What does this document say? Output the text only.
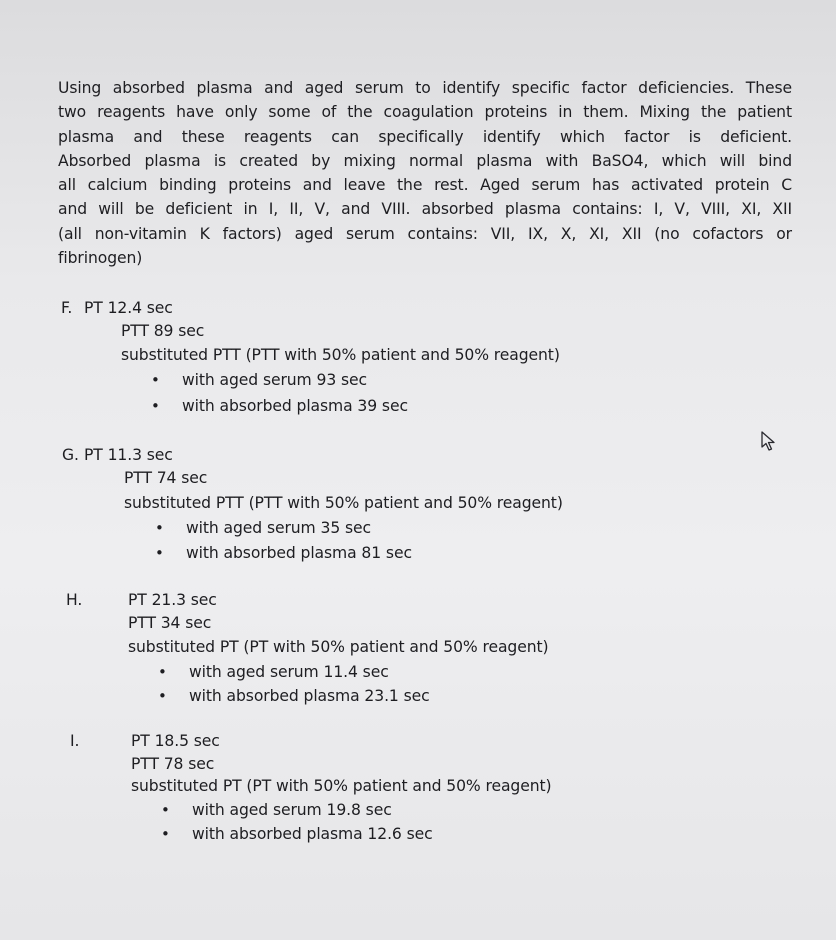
Using absorbed plasma and aged serum to identify specific factor deficiencies. These
two reagents have only some of the coagulation proteins in them. Mixing the patient
plasma and these reagents can specifically identify which factor is deficient.
Absorbed plasma is created by mixing normal plasma with BaSO4, which will bind
all calcium binding proteins and leave the rest. Aged serum has activated protein C
and will be deficient in I, II, V, and VIII. absorbed plasma contains: I, V, VIII, XI, XII
(all non-vitamin K factors) aged serum contains: VII, IX, X, XI, XII (no cofactors or
fibrinogen)
F. PT 12.4 sec
PTT 89 sec
substituted PTT (PTT with 50% patient and 50% reagent)
• with aged serum 93 sec
• with absorbed plasma 39 sec
G. PT 11.3 sec
PTT 74 sec
substituted PTT (PTT with 50% patient and 50% reagent)
• with aged serum 35 sec
• with absorbed plasma 81 sec
H.	PT 21.3 sec
PTT 34 sec
substituted PT (PT with 50% patient and 50% reagent)
• with aged serum 11.4 sec
• with absorbed plasma 23.1 sec
I.	PT 18.5 sec
PTT 78 sec
substituted PT (PT with 50% patient and 50% reagent)
• with aged serum 19.8 sec
• with absorbed plasma 12.6 sec
